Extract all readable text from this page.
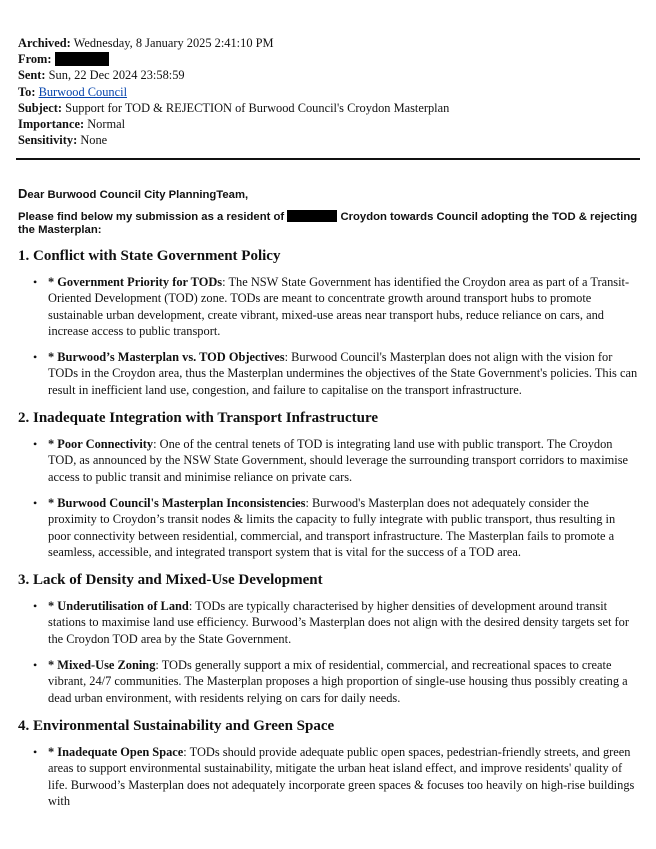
Archived: Wednesday, 8 January 2025 2:41:10 PM
From:
Sent: Sun, 22 Dec 2024 23:58:59
To: Burwood Council
Subject: Support for TOD & REJECTION of Burwood Council's Croydon Masterplan
Importance: Normal
Sensitivity: None
Dear Burwood Council City PlanningTeam,
Please find below my submission as a resident of	Croydon towards Council adopting the TOD & rejecting the Masterplan:
1. Conflict with State Government Policy
• * Government Priority for TODs: The NSW State Government has identified the Croydon area as part of a Transit-Oriented Development (TOD) zone. TODs are meant to concentrate growth around transport hubs to promote sustainable urban development, create vibrant, mixed-use areas near transport hubs, reduce reliance on cars, and increase access to public transport.
• * Burwood’s Masterplan vs. TOD Objectives: Burwood Council's Masterplan does not align with the vision for TODs in the Croydon area, thus the Masterplan undermines the objectives of the State Government's policies. This can result in inefficient land use, congestion, and failure to capitalise on the transport infrastructure.
2. Inadequate Integration with Transport Infrastructure
• * Poor Connectivity: One of the central tenets of TOD is integrating land use with public transport. The Croydon TOD, as announced by the NSW State Government, should leverage the surrounding transport corridors to maximise access to public transit and minimise reliance on private cars.
• * Burwood Council's Masterplan Inconsistencies: Burwood's Masterplan does not adequately consider the proximity to Croydon’s transit nodes & limits the capacity to fully integrate with public transport, thus resulting in poor connectivity between residential, commercial, and transport infrastructure. The Masterplan fails to promote a seamless, accessible, and integrated transport system that is vital for the success of a TOD area.
3. Lack of Density and Mixed-Use Development
• * Underutilisation of Land: TODs are typically characterised by higher densities of development around transit stations to maximise land use efficiency. Burwood’s Masterplan does not align with the desired density targets set for the Croydon TOD area by the State Government.
• * Mixed-Use Zoning: TODs generally support a mix of residential, commercial, and recreational spaces to create vibrant, 24/7 communities. The Masterplan proposes a high proportion of single-use housing thus possibly creating a dead urban environment, with residents relying on cars for daily needs.
4. Environmental Sustainability and Green Space
• * Inadequate Open Space: TODs should provide adequate public open spaces, pedestrian-friendly streets, and green areas to support environmental sustainability, mitigate the urban heat island effect, and improve residents' quality of life. Burwood’s Masterplan does not adequately incorporate green spaces & focuses too heavily on high-rise buildings with
